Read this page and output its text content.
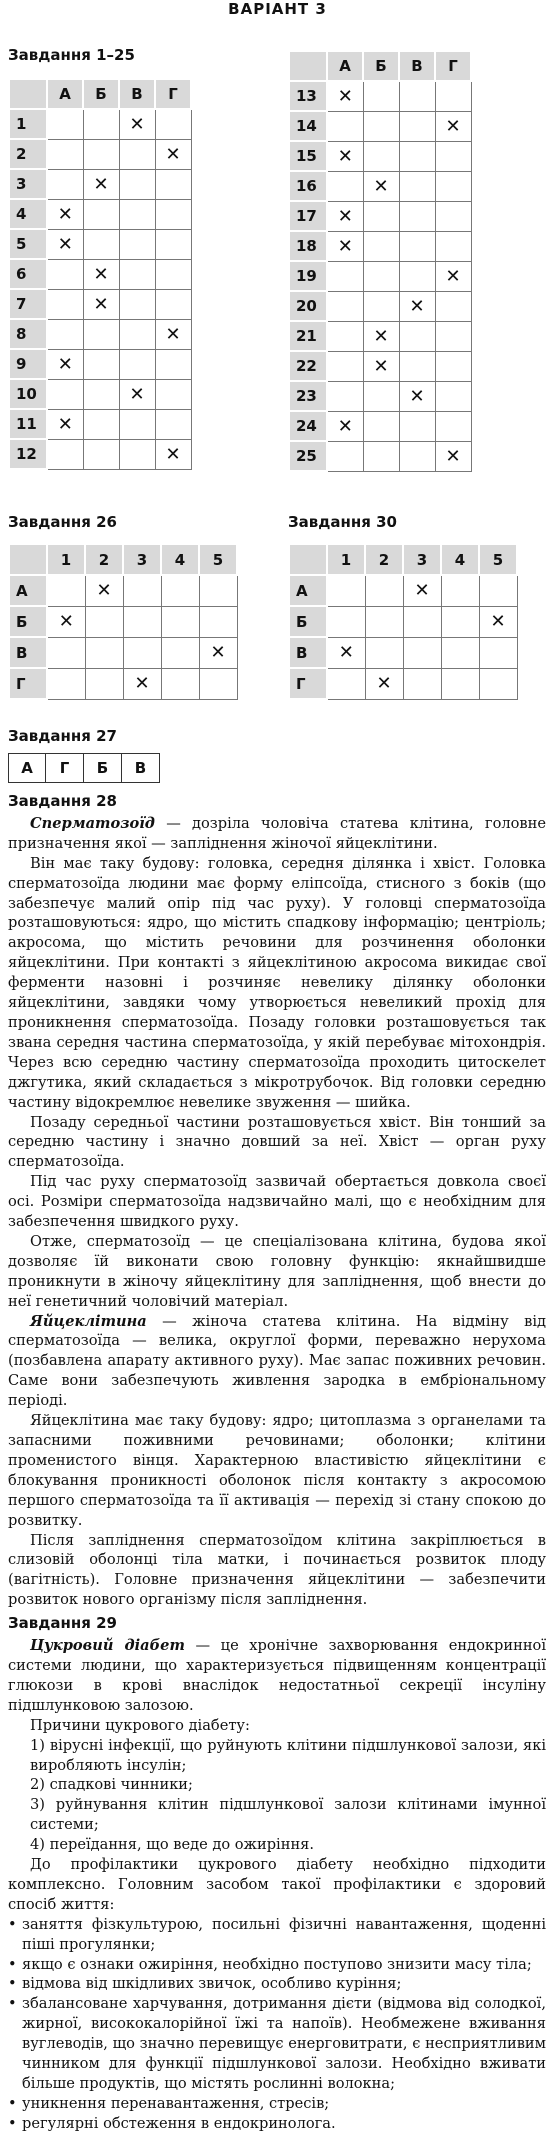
ВАРІАНТ 3
Завдання 1–25
	А	Б	В	Г
1			✕	
2				✕
3		✕		
4	✕			
5	✕			
6		✕		
7		✕		
8				✕
9	✕			
10			✕	
11	✕			
12				✕
	А	Б	В	Г
13	✕			
14				✕
15	✕			
16		✕		
17	✕			
18	✕			
19				✕
20			✕	
21		✕		
22		✕		
23			✕	
24	✕			
25				✕
Завдання 26
	1	2	3	4	5
А		✕			
Б	✕				
В					✕
Г			✕		
Завдання 30
	1	2	3	4	5
А			✕		
Б					✕
В	✕				
Г		✕			
Завдання 27
А	Г	Б	В
Завдання 28

Сперматозоїд — дозріла чоловіча статева клітина, головне призначення якої — запліднення жіночої яйцеклітини.

Він має таку будову: головка, середня ділянка і хвіст. Головка сперматозоїда людини має форму еліпсоїда, стисного з боків (що забезпечує малий опір під час руху). У головці сперматозоїда розташовуються: ядро, що містить спадкову інформацію; центріоль; акросома, що містить речовини для розчинення оболонки яйцеклітини. При контакті з яйцеклітиною акросома викидає свої ферменти назовні і розчиняє невелику ділянку оболонки яйцеклітини, завдяки чому утворюється невеликий прохід для проникнення сперматозоїда. Позаду головки розташовується так звана середня частина сперматозоїда, у якій перебуває мітохондрія. Через всю середню частину сперматозоїда проходить цитоскелет джгутика, який складається з мікротрубочок. Від головки середню частину відокремлює невелике звуження — шийка.

Позаду середньої частини розташовується хвіст. Він тонший за середню частину і значно довший за неї. Хвіст — орган руху сперматозоїда.

Під час руху сперматозоїд зазвичай обертається довкола своєї осі. Розміри сперматозоїда надзвичайно малі, що є необхідним для забезпечення швидкого руху.

Отже, сперматозоїд — це спеціалізована клітина, будова якої дозволяє їй виконати свою головну функцію: якнайшвидше проникнути в жіночу яйцеклітину для запліднення, щоб внести до неї генетичний чоловічий матеріал.

Яйцеклітина — жіноча статева клітина. На відміну від сперматозоїда — велика, округлої форми, переважно нерухома (позбавлена апарату активного руху). Має запас поживних речовин. Саме вони забезпечують живлення зародка в ембріональному періоді.

Яйцеклітина має таку будову: ядро; цитоплазма з органелами та запасними поживними речовинами; оболонки; клітини променистого вінця. Характерною властивістю яйцеклітини є блокування проникності оболонок після контакту з акросомою першого сперматозоїда та її активація — перехід зі стану спокою до розвитку.

Після запліднення сперматозоїдом клітина закріплюється в слизовій оболонці тіла матки, і починається розвиток плоду (вагітність). Головне призначення яйцеклітини — забезпечити розвиток нового організму після запліднення.

Завдання 29

Цукровий діабет — це хронічне захворювання ендокринної системи людини, що характеризується підвищенням концентрації глюкози в крові внаслідок недостатньої секреції інсуліну підшлунковою залозою.

Причини цукрового діабету:

1) вірусні інфекції, що руйнують клітини підшлункової залози, які виробляють інсулін;
2) спадкові чинники;
3) руйнування клітин підшлункової залози клітинами імунної системи;
4) переїдання, що веде до ожиріння.

До профілактики цукрового діабету необхідно підходити комплексно. Головним засобом такої профілактики є здоровий спосіб життя:

• заняття фізкультурою, посильні фізичні навантаження, щоденні піші прогулянки;
• якщо є ознаки ожиріння, необхідно поступово знизити масу тіла;
• відмова від шкідливих звичок, особливо куріння;
• збалансоване харчування, дотримання дієти (відмова від солодкої, жирної, висококалорійної їжі та напоїв). Необмежене вживання вуглеводів, що значно перевищує енерговитрати, є несприятливим чинником для функції підшлункової залози. Необхідно вживати більше продуктів, що містять рослинні волокна;
• уникнення перенавантаження, стресів;
• регулярні обстеження в ендокринолога.
